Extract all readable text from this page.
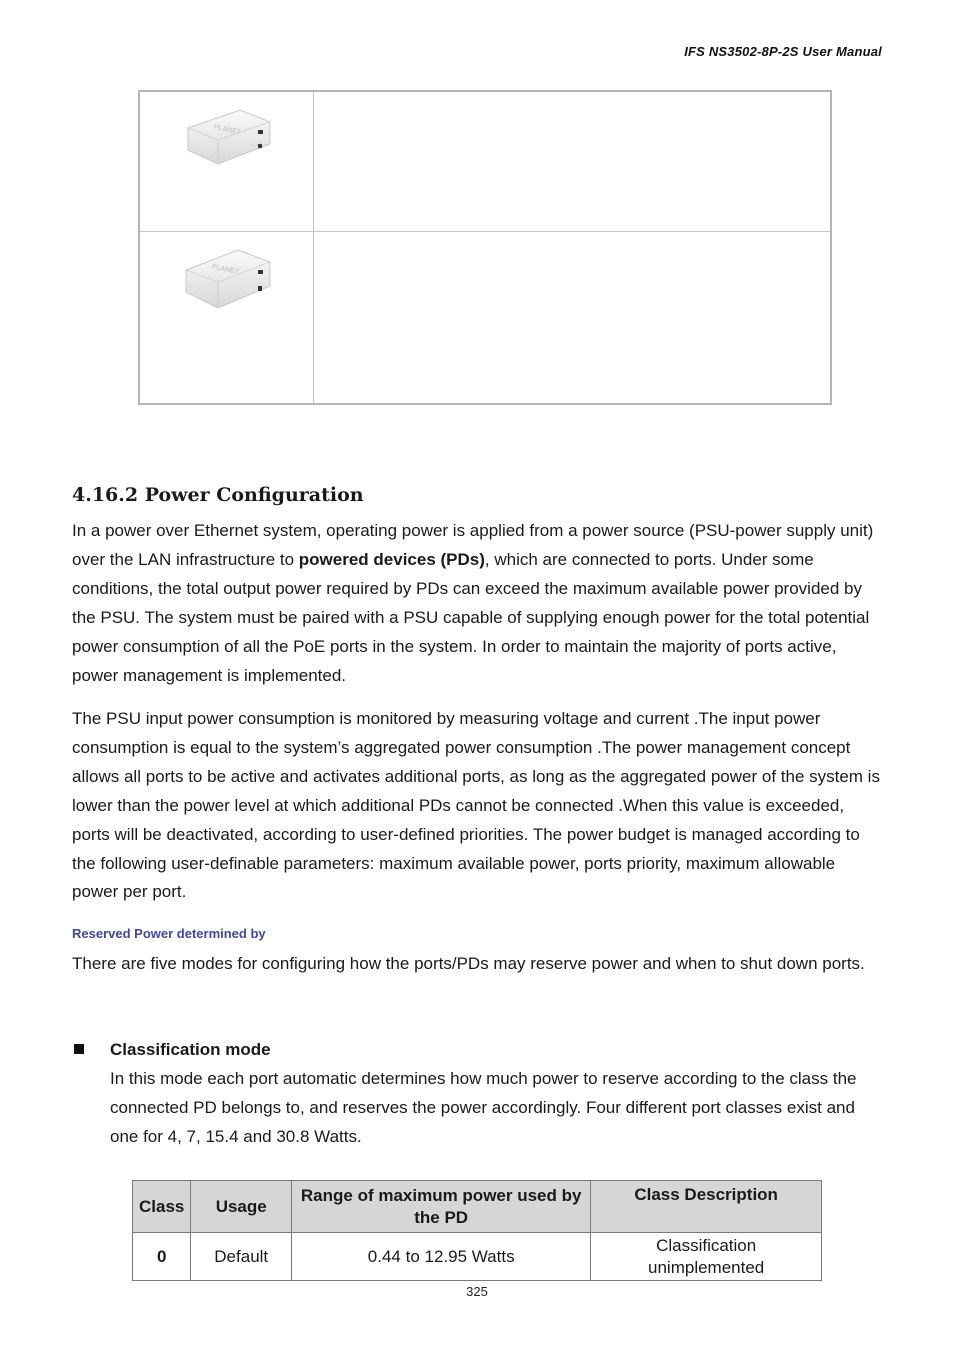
IFS NS3502-8P-2S User Manual
PLANET
PLANET
4.16.2 Power Configuration

In a power over Ethernet system, operating power is applied from a power source (PSU-power supply unit) over the LAN infrastructure to powered devices (PDs), which are connected to ports. Under some conditions, the total output power required by PDs can exceed the maximum available power provided by the PSU. The system must be paired with a PSU capable of supplying enough power for the total potential power consumption of all the PoE ports in the system. In order to maintain the majority of ports active, power management is implemented.

The PSU input power consumption is monitored by measuring voltage and current .The input power consumption is equal to the system’s aggregated power consumption .The power management concept allows all ports to be active and activates additional ports, as long as the aggregated power of the system is lower than the power level at which additional PDs cannot be connected .When this value is exceeded, ports will be deactivated, according to user-defined priorities. The power budget is managed according to the following user-definable parameters: maximum available power, ports priority, maximum allowable power per port.

Reserved Power determined by

There are five modes for configuring how the ports/PDs may reserve power and when to shut down ports.

Classification mode
In this mode each port automatic determines how much power to reserve according to the class the connected PD belongs to, and reserves the power accordingly. Four different port classes exist and one for 4, 7, 15.4 and 30.8 Watts.
Class	Usage	Range of maximum power used by the PD	Class Description
0	Default	0.44 to 12.95 Watts	Classification unimplemented
325
